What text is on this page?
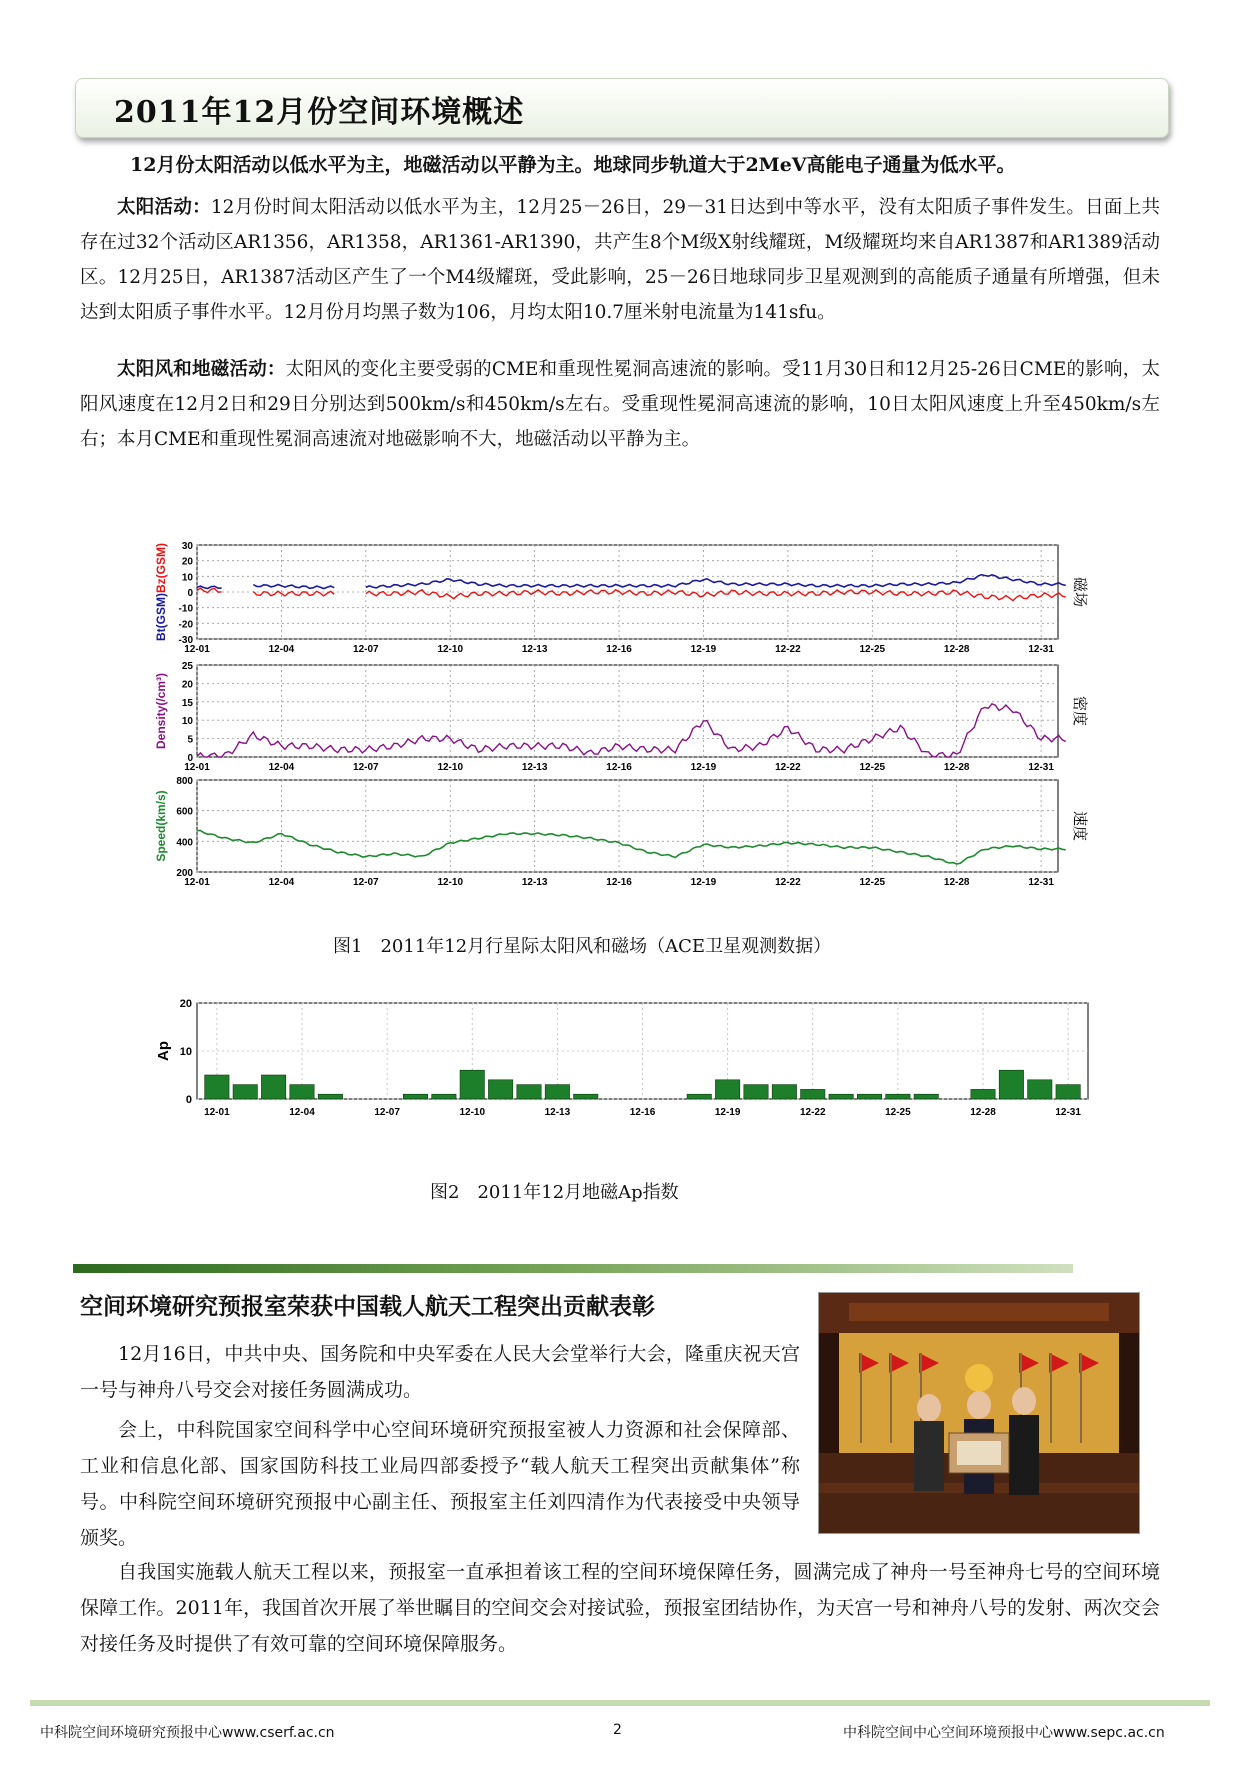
2011年12月份空间环境概述
12月份太阳活动以低水平为主，地磁活动以平静为主。地球同步轨道大于2MeV高能电子通量为低水平。
太阳活动：12月份时间太阳活动以低水平为主，12月25－26日，29－31日达到中等水平，没有太阳质子事件发生。日面上共存在过32个活动区AR1356，AR1358，AR1361-AR1390，共产生8个M级X射线耀斑，M级耀斑均来自AR1387和AR1389活动区。12月25日，AR1387活动区产生了一个M4级耀斑，受此影响，25－26日地球同步卫星观测到的高能质子通量有所增强，但未达到太阳质子事件水平。12月份月均黑子数为106，月均太阳10.7厘米射电流量为141sfu。
太阳风和地磁活动：太阳风的变化主要受弱的CME和重现性冕洞高速流的影响。受11月30日和12月25-26日CME的影响，太阳风速度在12月2日和29日分别达到500km/s和450km/s左右。受重现性冕洞高速流的影响，10日太阳风速度上升至450km/s左右；本月CME和重现性冕洞高速流对地磁影响不大，地磁活动以平静为主。
12-01	12-04	12-07	12-10	12-13	12-16	12-19	12-22	12-25	12-28	12-31
30
20
10
0
-10
-20
-30
磁场
12-01	12-04	12-07	12-10	12-13	12-16	12-19	12-22	12-25	12-28	12-31
25
20
15
10
5
0
密度
12-01	12-04	12-07	12-10	12-13	12-16	12-19	12-22	12-25	12-28	12-31
800
600
400
200
速度
Bt(GSM)Bz(GSM)
Density(/cm³)
Speed(km/s)
图1　2011年12月行星际太阳风和磁场（ACE卫星观测数据）
20
10
0
12-01	12-04	12-07	12-10	12-13	12-16	12-19	12-22	12-25	12-28	12-31
Ap
图2　2011年12月地磁Ap指数
空间环境研究预报室荣获中国载人航天工程突出贡献表彰
12月16日，中共中央、国务院和中央军委在人民大会堂举行大会，隆重庆祝天宫一号与神舟八号交会对接任务圆满成功。
会上，中科院国家空间科学中心空间环境研究预报室被人力资源和社会保障部、工业和信息化部、国家国防科技工业局四部委授予“载人航天工程突出贡献集体”称号。中科院空间环境研究预报中心副主任、预报室主任刘四清作为代表接受中央领导颁奖。
自我国实施载人航天工程以来，预报室一直承担着该工程的空间环境保障任务，圆满完成了神舟一号至神舟七号的空间环境保障工作。2011年，我国首次开展了举世瞩目的空间交会对接试验，预报室团结协作，为天宫一号和神舟八号的发射、两次交会对接任务及时提供了有效可靠的空间环境保障服务。
中科院空间环境研究预报中心www.cserf.ac.cn	2	中科院空间中心空间环境预报中心www.sepc.ac.cn
